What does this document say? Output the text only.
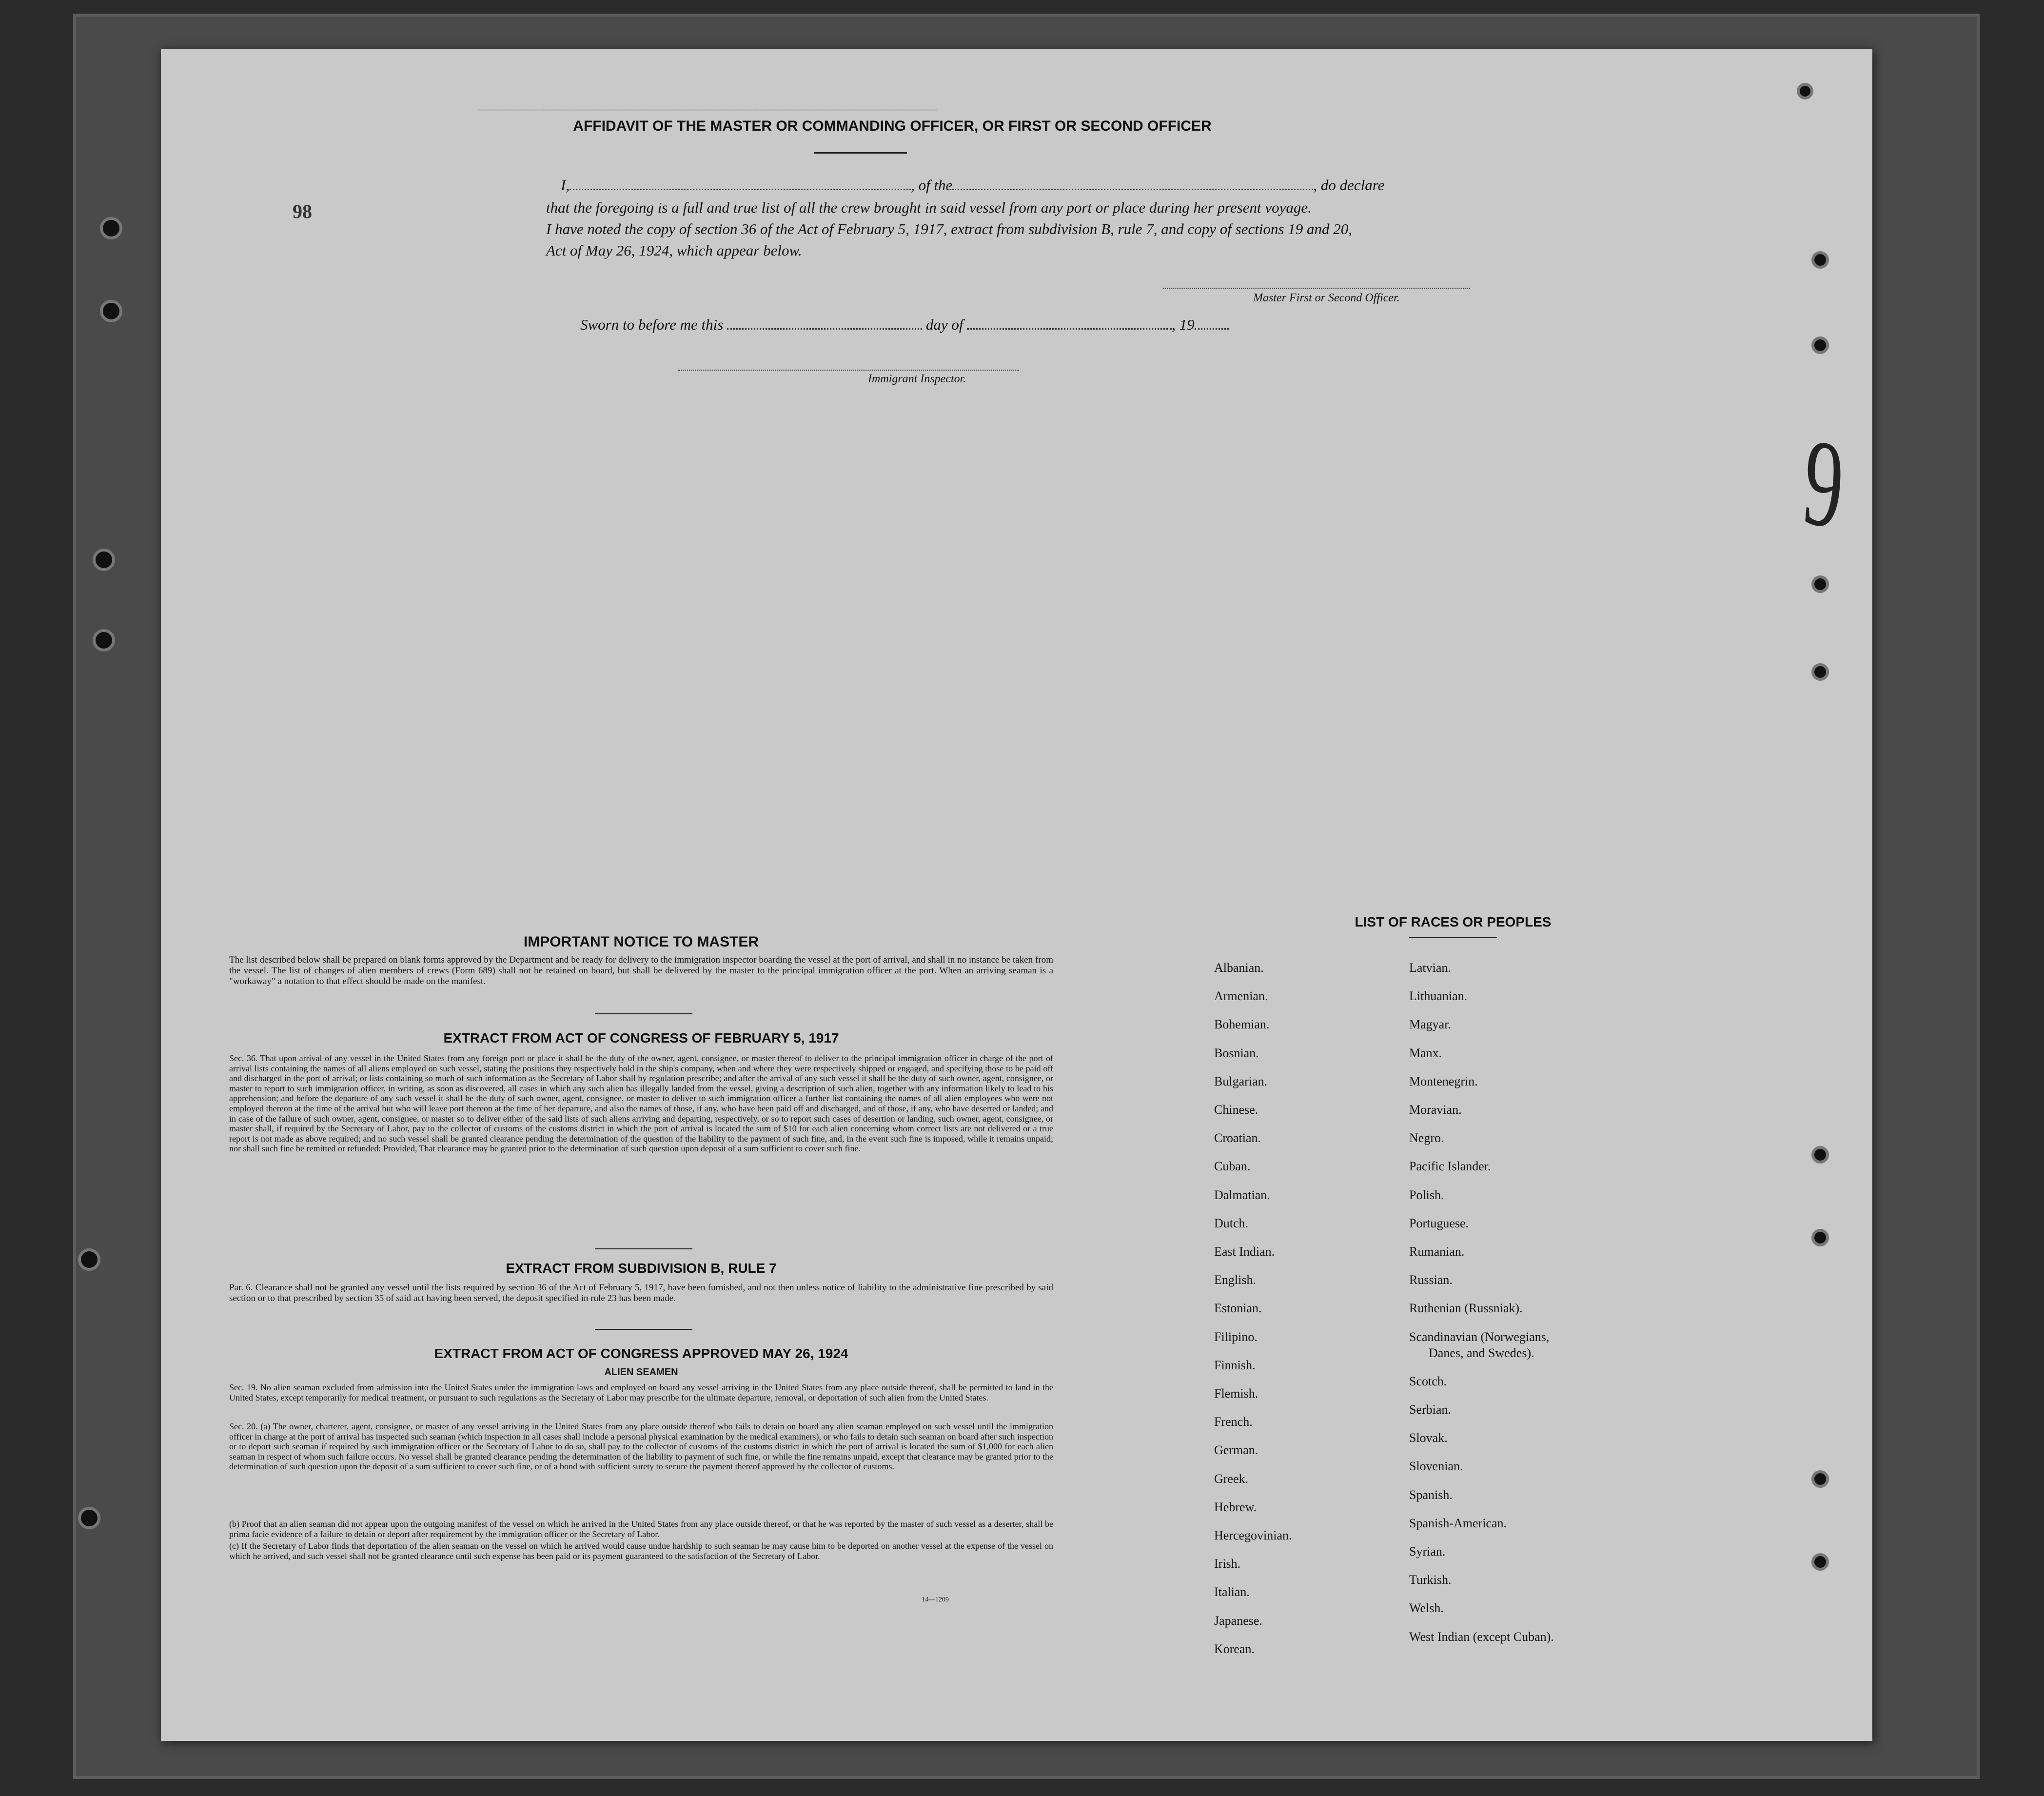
────────────────────────────
AFFIDAVIT OF THE MASTER OR COMMANDING OFFICER, OR FIRST OR SECOND OFFICER
98
I,	, of the	, do declare
that the foregoing is a full and true list of all the crew brought in said vessel from any port or place during her present voyage.
I have noted the copy of section 36 of the Act of February 5, 1917, extract from subdivision B, rule 7, and copy of sections 19 and 20,
Act of May 26, 1924, which appear below.
Master First or Second Officer.
Sworn to before me this	day of	, 19
Immigrant Inspector.
IMPORTANT NOTICE TO MASTER
The list described below shall be prepared on blank forms approved by the Department and be ready for delivery to the immigration inspector boarding the vessel at the port of arrival, and shall in no instance be taken from the vessel. The list of changes of alien members of crews (Form 689) shall not be retained on board, but shall be delivered by the master to the principal immigration officer at the port. When an arriving seaman is a "workaway" a notation to that effect should be made on the manifest.
EXTRACT FROM ACT OF CONGRESS OF FEBRUARY 5, 1917
Sec. 36. That upon arrival of any vessel in the United States from any foreign port or place it shall be the duty of the owner, agent, consignee, or master thereof to deliver to the principal immigration officer in charge of the port of arrival lists containing the names of all aliens employed on such vessel, stating the positions they respectively hold in the ship's company, when and where they were respectively shipped or engaged, and specifying those to be paid off and discharged in the port of arrival; or lists containing so much of such information as the Secretary of Labor shall by regulation prescribe; and after the arrival of any such vessel it shall be the duty of such owner, agent, consignee, or master to report to such immigration officer, in writing, as soon as discovered, all cases in which any such alien has illegally landed from the vessel, giving a description of such alien, together with any information likely to lead to his apprehension; and before the departure of any such vessel it shall be the duty of such owner, agent, consignee, or master to deliver to such immigration officer a further list containing the names of all alien employees who were not employed thereon at the time of the arrival but who will leave port thereon at the time of her departure, and also the names of those, if any, who have been paid off and discharged, and of those, if any, who have deserted or landed; and in case of the failure of such owner, agent, consignee, or master so to deliver either of the said lists of such aliens arriving and departing, respectively, or so to report such cases of desertion or landing, such owner, agent, consignee, or master shall, if required by the Secretary of Labor, pay to the collector of customs of the customs district in which the port of arrival is located the sum of $10 for each alien concerning whom correct lists are not delivered or a true report is not made as above required; and no such vessel shall be granted clearance pending the determination of the question of the liability to the payment of such fine, and, in the event such fine is imposed, while it remains unpaid; nor shall such fine be remitted or refunded: Provided, That clearance may be granted prior to the determination of such question upon deposit of a sum sufficient to cover such fine.
EXTRACT FROM SUBDIVISION B, RULE 7
Par. 6. Clearance shall not be granted any vessel until the lists required by section 36 of the Act of February 5, 1917, have been furnished, and not then unless notice of liability to the administrative fine prescribed by said section or to that prescribed by section 35 of said act having been served, the deposit specified in rule 23 has been made.
EXTRACT FROM ACT OF CONGRESS APPROVED MAY 26, 1924
ALIEN SEAMEN
Sec. 19. No alien seaman excluded from admission into the United States under the immigration laws and employed on board any vessel arriving in the United States from any place outside thereof, shall be permitted to land in the United States, except temporarily for medical treatment, or pursuant to such regulations as the Secretary of Labor may prescribe for the ultimate departure, removal, or deportation of such alien from the United States.
Sec. 20. (a) The owner, charterer, agent, consignee, or master of any vessel arriving in the United States from any place outside thereof who fails to detain on board any alien seaman employed on such vessel until the immigration officer in charge at the port of arrival has inspected such seaman (which inspection in all cases shall include a personal physical examination by the medical examiners), or who fails to detain such seaman on board after such inspection or to deport such seaman if required by such immigration officer or the Secretary of Labor to do so, shall pay to the collector of customs of the customs district in which the port of arrival is located the sum of $1,000 for each alien seaman in respect of whom such failure occurs. No vessel shall be granted clearance pending the determination of the liability to payment of such fine, or while the fine remains unpaid, except that clearance may be granted prior to the determination of such question upon the deposit of a sum sufficient to cover such fine, or of a bond with sufficient surety to secure the payment thereof approved by the collector of customs.
(b) Proof that an alien seaman did not appear upon the outgoing manifest of the vessel on which he arrived in the United States from any place outside thereof, or that he was reported by the master of such vessel as a deserter, shall be prima facie evidence of a failure to detain or deport after requirement by the immigration officer or the Secretary of Labor.
(c) If the Secretary of Labor finds that deportation of the alien seaman on the vessel on which he arrived would cause undue hardship to such seaman he may cause him to be deported on another vessel at the expense of the vessel on which he arrived, and such vessel shall not be granted clearance until such expense has been paid or its payment guaranteed to the satisfaction of the Secretary of Labor.
14—1209
LIST OF RACES OR PEOPLES
9
Albanian.
Armenian.
Bohemian.
Bosnian.
Bulgarian.
Chinese.
Croatian.
Cuban.
Dalmatian.
Dutch.
East Indian.
English.
Estonian.
Filipino.
Finnish.
Flemish.
French.
German.
Greek.
Hebrew.
Hercegovinian.
Irish.
Italian.
Japanese.
Korean.
Latvian.
Lithuanian.
Magyar.
Manx.
Montenegrin.
Moravian.
Negro.
Pacific Islander.
Polish.
Portuguese.
Rumanian.
Russian.
Ruthenian (Russniak).
Scandinavian (Norwegians,
Danes, and Swedes).
Scotch.
Serbian.
Slovak.
Slovenian.
Spanish.
Spanish-American.
Syrian.
Turkish.
Welsh.
West Indian (except Cuban).
